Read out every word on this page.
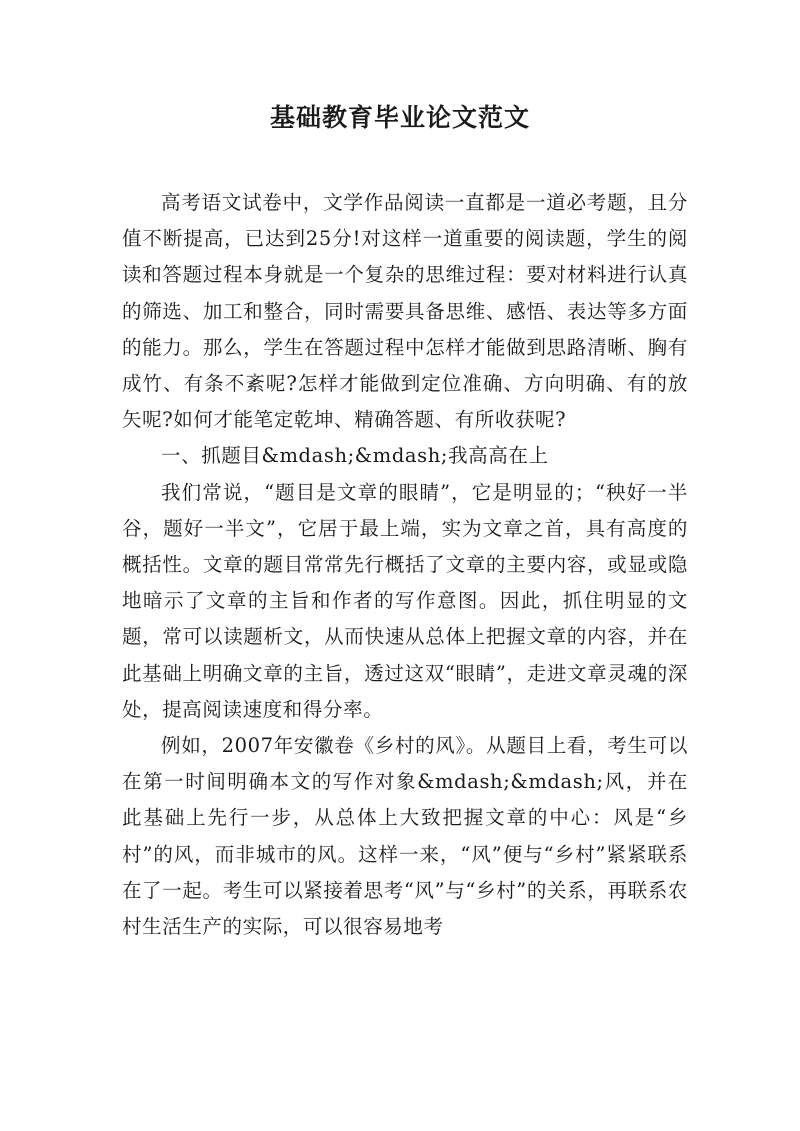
基础教育毕业论文范文

高考语文试卷中，文学作品阅读一直都是一道必考题，且分值不断提高，已达到25分!对这样一道重要的阅读题，学生的阅读和答题过程本身就是一个复杂的思维过程：要对材料进行认真的筛选、加工和整合，同时需要具备思维、感悟、表达等多方面的能力。那么，学生在答题过程中怎样才能做到思路清晰、胸有成竹、有条不紊呢?怎样才能做到定位准确、方向明确、有的放矢呢?如何才能笔定乾坤、精确答题、有所收获呢?

一、抓题目&mdash;&mdash;我高高在上

我们常说，“题目是文章的眼睛”，它是明显的；“秧好一半谷，题好一半文”，它居于最上端，实为文章之首，具有高度的概括性。文章的题目常常先行概括了文章的主要内容，或显或隐地暗示了文章的主旨和作者的写作意图。因此，抓住明显的文题，常可以读题析文，从而快速从总体上把握文章的内容，并在此基础上明确文章的主旨，透过这双“眼睛”，走进文章灵魂的深处，提高阅读速度和得分率。

例如，2007年安徽卷《乡村的风》。从题目上看，考生可以在第一时间明确本文的写作对象&mdash;&mdash;风，并在此基础上先行一步，从总体上大致把握文章的中心：风是“乡村”的风，而非城市的风。这样一来，“风”便与“乡村”紧紧联系在了一起。考生可以紧接着思考“风”与“乡村”的关系，再联系农村生活生产的实际，可以很容易地考
